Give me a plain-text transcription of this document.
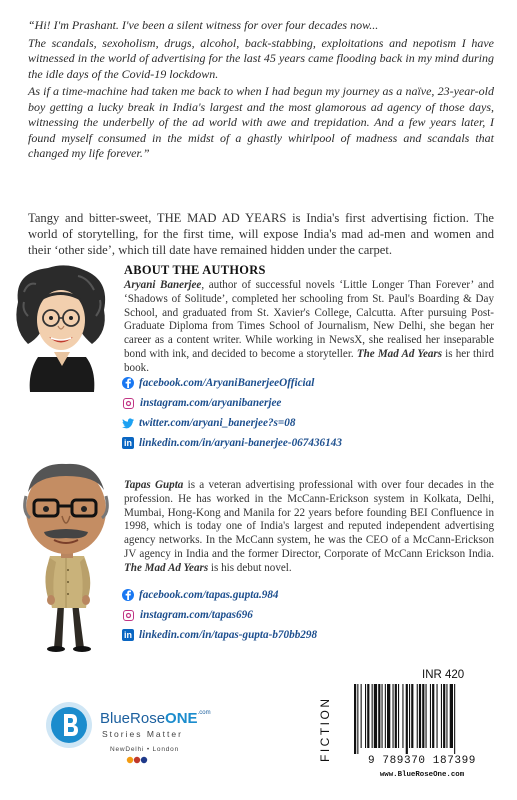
“Hi! I'm Prashant. I've been a silent witness for over four decades now...

The scandals, sexoholism, drugs, alcohol, back-stabbing, exploitations and nepotism I have witnessed in the world of advertising for the last 45 years came flooding back in my mind during the idle days of the Covid-19 lockdown.

As if a time-machine had taken me back to when I had begun my journey as a naïve, 23-year-old boy getting a lucky break in India's largest and the most glamorous ad agency of those days, witnessing the underbelly of the ad world with awe and trepidation. And a few years later, I found myself consumed in the midst of a ghastly whirlpool of madness and scandals that changed my life forever.”

Tangy and bitter-sweet, THE MAD AD YEARS is India's first advertising fiction. The world of storytelling, for the first time, will expose India's mad ad-men and women and their ‘other side’, which till date have remained hidden under the carpet.

ABOUT THE AUTHORS

Aryani Banerjee, author of successful novels ‘Little Longer Than Forever’ and ‘Shadows of Solitude’, completed her schooling from St. Paul's Boarding & Day School, and graduated from St. Xavier's College, Calcutta. After pursuing Post-Graduate Diploma from Times School of Journalism, New Delhi, she began her career as a content writer. While working in NewsX, she realised her inseparable bond with ink, and decided to become a storyteller. The Mad Ad Years is her third book.

facebook.com/AryaniBanerjeeOfficial
instagram.com/aryanibanerjee
twitter.com/aryani_banerjee?s=08
in linkedin.com/in/aryani-banerjee-067436143

Tapas Gupta is a veteran advertising professional with over four decades in the profession. He has worked in the McCann-Erickson system in Kolkata, Delhi, Mumbai, Hong-Kong and Manila for 22 years before founding BEI Confluence in 1998, which is today one of India's largest and reputed independent advertising agency networks. In the McCann system, he was the CEO of a McCann-Erickson JV agency in India and the former Director, Corporate of McCann Erickson India. The Mad Ad Years is his debut novel.

facebook.com/tapas.gupta.984
instagram.com/tapas696
in linkedin.com/in/tapas-gupta-b70bb298
BlueRoseONE$^{.com}$
Stories Matter
NewDelhi • London
INR 420
FICTION	9 789370 187399
www.BlueRoseOne.com
